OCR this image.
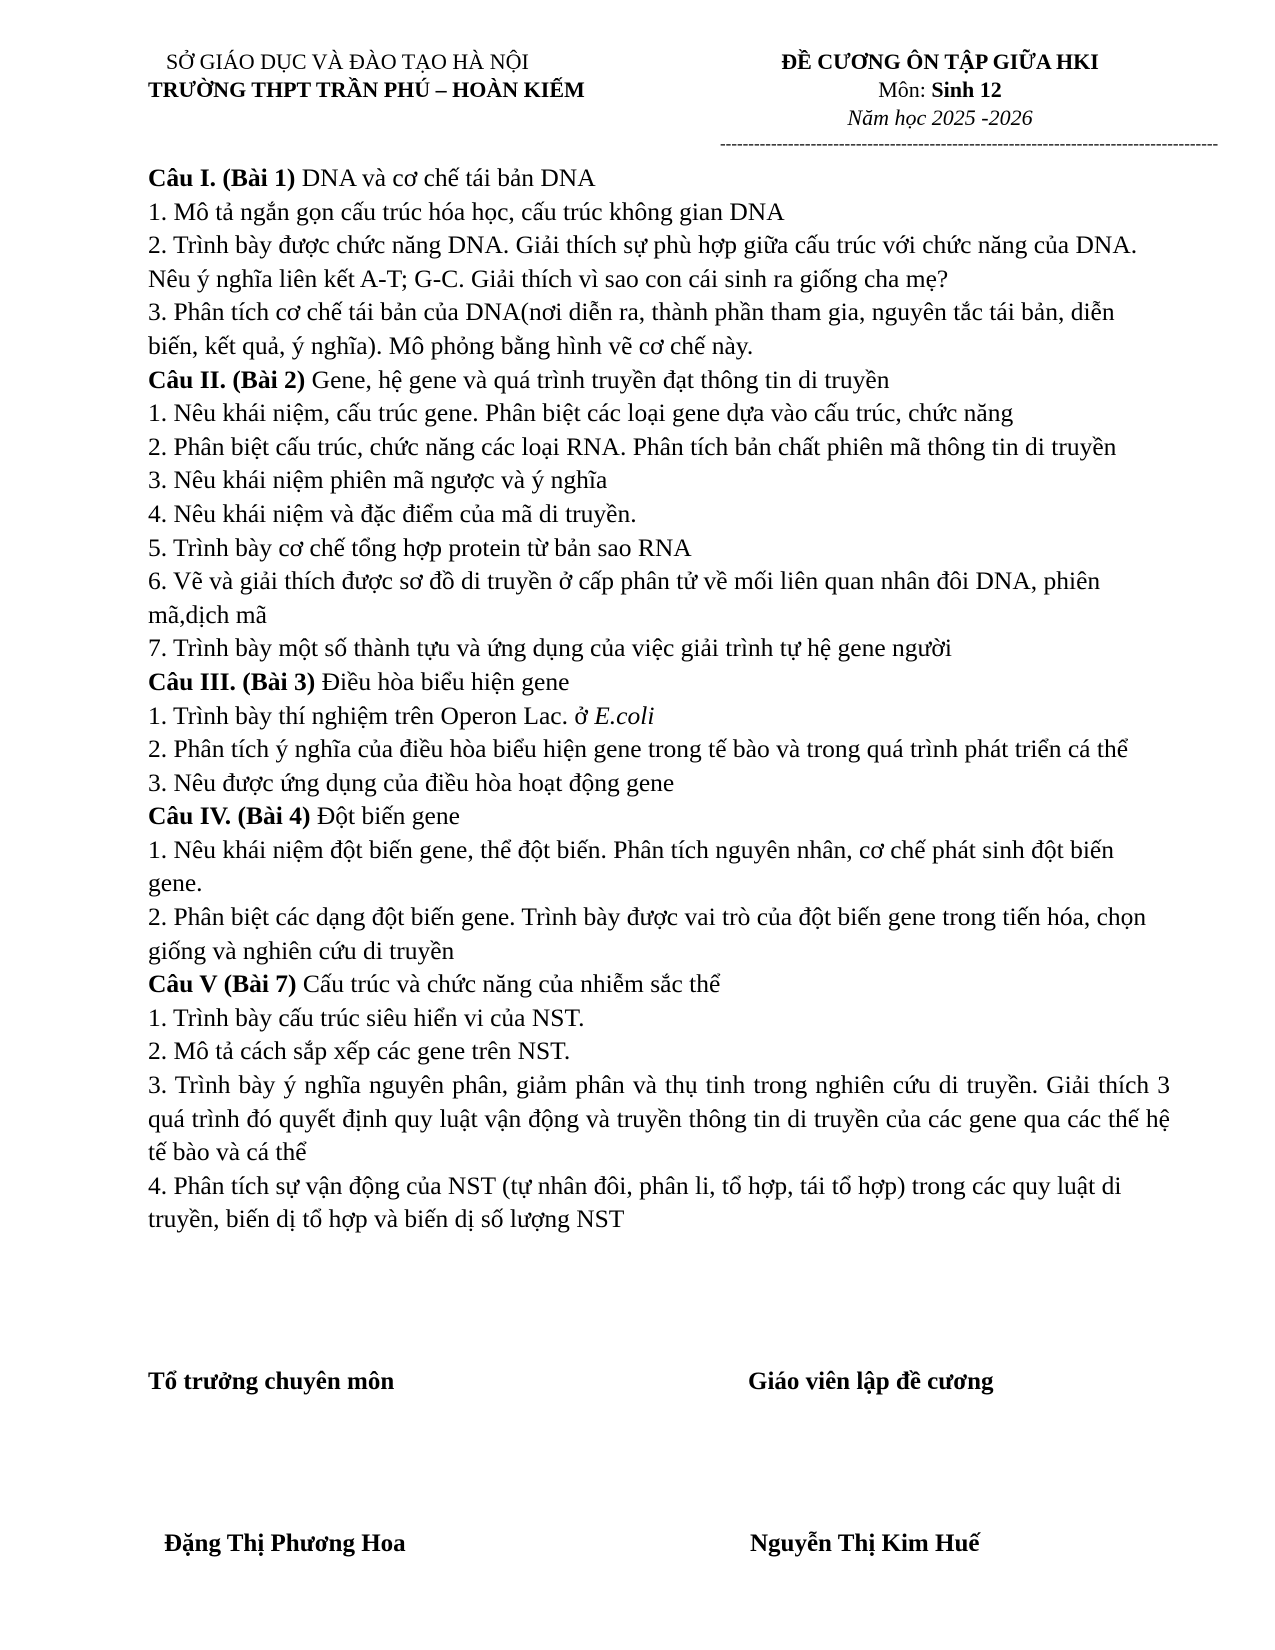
SỞ GIÁO DỤC VÀ ĐÀO TẠO HÀ NỘI
TRƯỜNG THPT TRẦN PHÚ – HOÀN KIẾM
ĐỀ CƯƠNG ÔN TẬP GIỮA HKI
Môn: Sinh 12
Năm học 2025 -2026
----------------------------------------------------------------------------------------

Câu I. (Bài 1) DNA và cơ chế tái bản DNA

1. Mô tả ngắn gọn cấu trúc hóa học, cấu trúc không gian DNA

2. Trình bày được chức năng DNA. Giải thích sự phù hợp giữa cấu trúc với chức năng của DNA. Nêu ý nghĩa liên kết A-T; G-C. Giải thích vì sao con cái sinh ra giống cha mẹ?

3. Phân tích cơ chế tái bản của DNA(nơi diễn ra, thành phần tham gia, nguyên tắc tái bản, diễn biến, kết quả, ý nghĩa). Mô phỏng bằng hình vẽ cơ chế này.

Câu II. (Bài 2) Gene, hệ gene và quá trình truyền đạt thông tin di truyền

1. Nêu khái niệm, cấu trúc gene. Phân biệt các loại gene dựa vào cấu trúc, chức năng

2. Phân biệt cấu trúc, chức năng các loại RNA. Phân tích bản chất phiên mã thông tin di truyền

3. Nêu khái niệm phiên mã ngược và ý nghĩa

4. Nêu khái niệm và đặc điểm của mã di truyền.

5. Trình bày cơ chế tổng hợp protein từ bản sao RNA

6. Vẽ và giải thích được sơ đồ di truyền ở cấp phân tử về mối liên quan nhân đôi DNA, phiên mã,dịch mã

7. Trình bày một số thành tựu và ứng dụng của việc giải trình tự hệ gene người

Câu III. (Bài 3) Điều hòa biểu hiện gene

1. Trình bày thí nghiệm trên Operon Lac. ở E.coli

2. Phân tích ý nghĩa của điều hòa biểu hiện gene trong tế bào và trong quá trình phát triển cá thể

3. Nêu được ứng dụng của điều hòa hoạt động gene

Câu IV. (Bài 4) Đột biến gene

1. Nêu khái niệm đột biến gene, thể đột biến. Phân tích nguyên nhân, cơ chế phát sinh đột biến gene.

2. Phân biệt các dạng đột biến gene. Trình bày được vai trò của đột biến gene trong tiến hóa, chọn giống và nghiên cứu di truyền

Câu V (Bài 7) Cấu trúc và chức năng của nhiễm sắc thể

1. Trình bày cấu trúc siêu hiển vi của NST.

2. Mô tả cách sắp xếp các gene trên NST.

3. Trình bày ý nghĩa nguyên phân, giảm phân và thụ tinh trong nghiên cứu di truyền. Giải thích 3 quá trình đó quyết định quy luật vận động và truyền thông tin di truyền của các gene qua các thế hệ tế bào và cá thể

4. Phân tích sự vận động của NST (tự nhân đôi, phân li, tổ hợp, tái tổ hợp) trong các quy luật di truyền, biến dị tổ hợp và biến dị số lượng NST

Tổ trưởng chuyên môn	Giáo viên lập đề cương
Đặng Thị Phương Hoa	Nguyễn Thị Kim Huế
